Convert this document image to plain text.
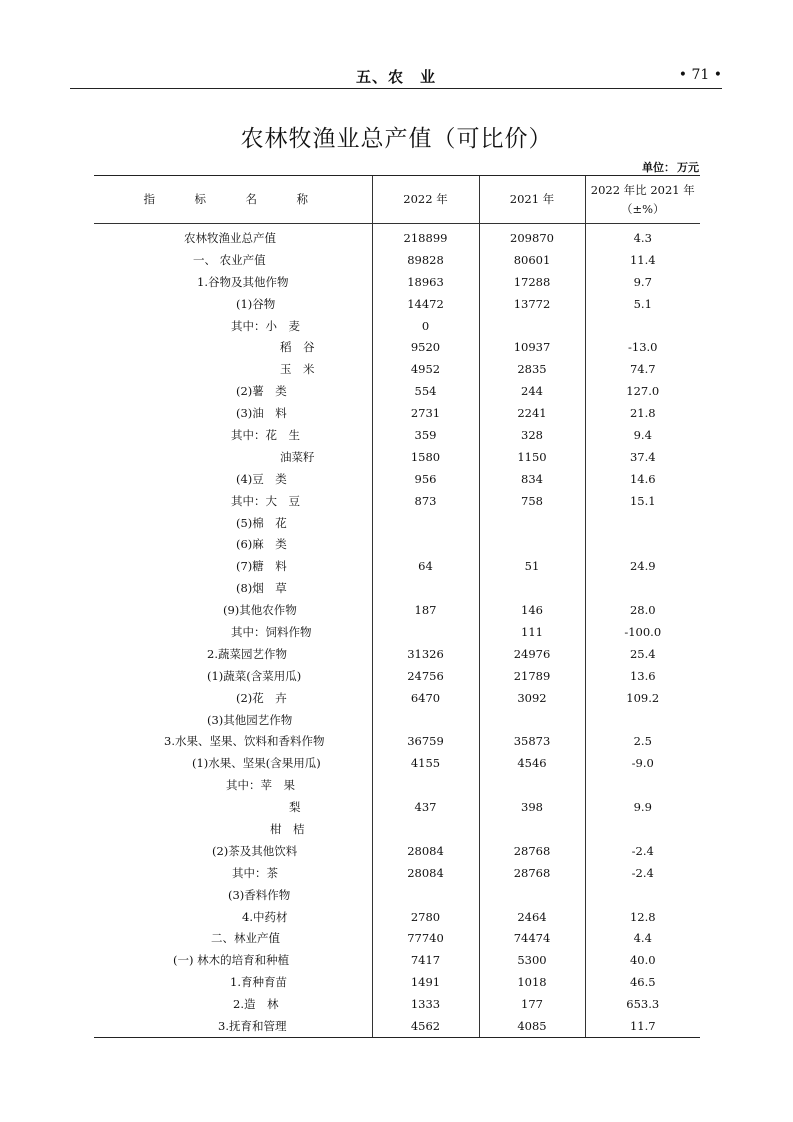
五、农　业	• 71 •
农林牧渔业总产值（可比价）
单位： 万元
指　标　名　称	2022 年	2021 年	2022 年比 2021 年
（±%）

农林牧渔业总产值	218899	209870	4.3
一、 农业产值	89828	80601	11.4
1.谷物及其他作物	18963	17288	9.7
(1)谷物	14472	13772	5.1
其中：小　麦	0		
稻　谷	9520	10937	-13.0
玉　米	4952	2835	74.7
(2)薯　类	554	244	127.0
(3)油　料	2731	2241	21.8
其中：花　生	359	328	9.4
油菜籽	1580	1150	37.4
(4)豆　类	956	834	14.6
其中：大　豆	873	758	15.1
(5)棉　花			
(6)麻　类			
(7)糖　料	64	51	24.9
(8)烟　草			
(9)其他农作物	187	146	28.0
其中：饲料作物		111	-100.0
2.蔬菜园艺作物	31326	24976	25.4
(1)蔬菜(含菜用瓜)	24756	21789	13.6
(2)花　卉	6470	3092	109.2
(3)其他园艺作物			
3.水果、坚果、饮料和香料作物	36759	35873	2.5
(1)水果、坚果(含果用瓜)	4155	4546	-9.0
其中：苹　果			
梨	437	398	9.9
柑　桔			
(2)茶及其他饮料	28084	28768	-2.4
其中：茶	28084	28768	-2.4
(3)香料作物			
4.中药材	2780	2464	12.8
二、林业产值	77740	74474	4.4
(一) 林木的培育和种植	7417	5300	40.0
1.育种育苗	1491	1018	46.5
2.造　林	1333	177	653.3
3.抚育和管理	4562	4085	11.7
